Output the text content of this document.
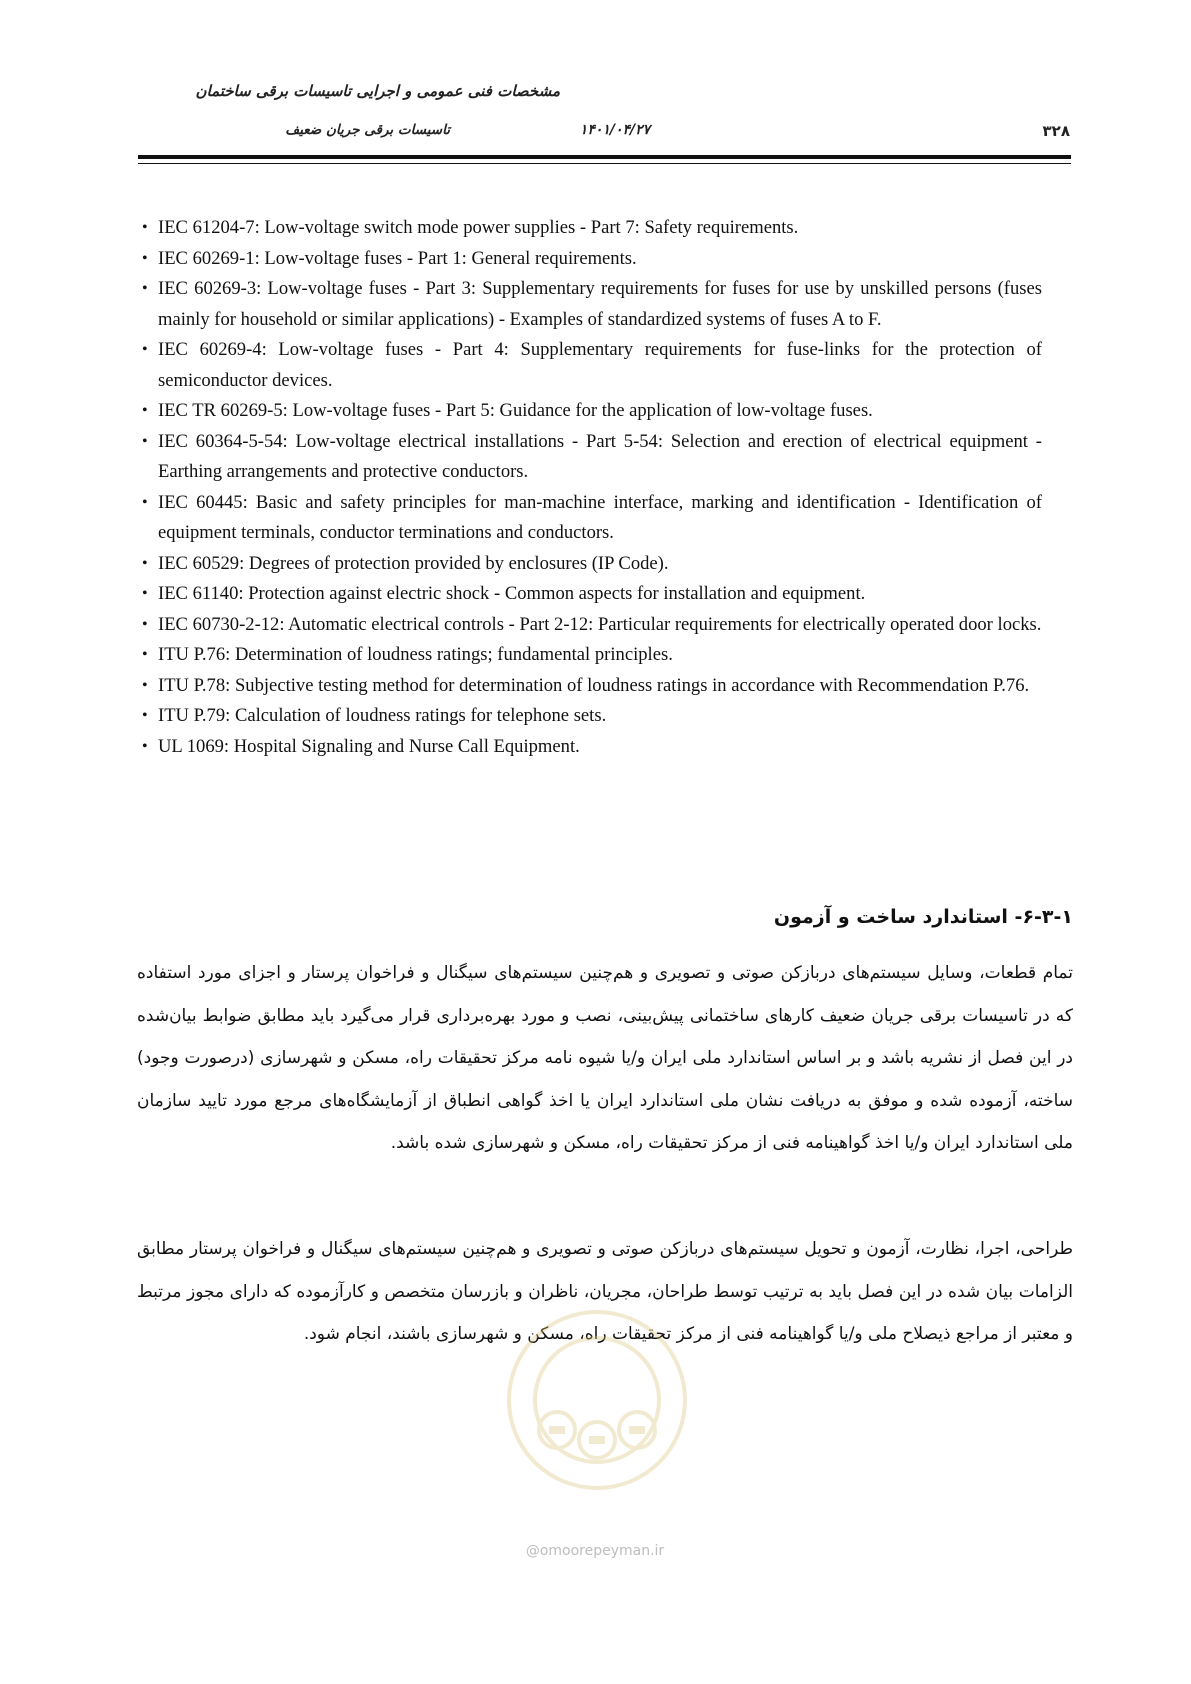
مشخصات فنی عمومی و اجرایی تاسیسات برقی ساختمان
تاسیسات برقی جریان ضعیف	۱۴۰۱/۰۴/۲۷	۳۲۸
• IEC 61204-7: Low-voltage switch mode power supplies - Part 7: Safety requirements.
• IEC 60269-1: Low-voltage fuses - Part 1: General requirements.
• IEC 60269-3: Low-voltage fuses - Part 3: Supplementary requirements for fuses for use by unskilled persons (fuses mainly for household or similar applications) - Examples of standardized systems of fuses A to F.
• IEC 60269-4: Low-voltage fuses - Part 4: Supplementary requirements for fuse-links for the protection of semiconductor devices.
• IEC TR 60269-5: Low-voltage fuses - Part 5: Guidance for the application of low-voltage fuses.
• IEC 60364-5-54: Low-voltage electrical installations - Part 5-54: Selection and erection of electrical equipment - Earthing arrangements and protective conductors.
• IEC 60445: Basic and safety principles for man-machine interface, marking and identification - Identification of equipment terminals, conductor terminations and conductors.
• IEC 60529: Degrees of protection provided by enclosures (IP Code).
• IEC 61140: Protection against electric shock - Common aspects for installation and equipment.
• IEC 60730-2-12: Automatic electrical controls - Part 2-12: Particular requirements for electrically operated door locks.
• ITU P.76: Determination of loudness ratings; fundamental principles.
• ITU P.78: Subjective testing method for determination of loudness ratings in accordance with Recommendation P.76.
• ITU P.79: Calculation of loudness ratings for telephone sets.
• UL 1069: Hospital Signaling and Nurse Call Equipment.
۶-۳-۱- استاندارد ساخت و آزمون

تمام قطعات، وسایل سیستم‌های دربازکن صوتی و تصویری و هم‌چنین سیستم‌های سیگنال و فراخوان پرستار و اجزای مورد استفاده که در تاسیسات برقی جریان ضعیف کارهای ساختمانی پیش‌بینی، نصب و مورد بهره‌برداری قرار می‌گیرد باید مطابق ضوابط بیان‌شده در این فصل از نشریه باشد و بر اساس استاندارد ملی ایران و/یا شیوه نامه مرکز تحقیقات راه، مسکن و شهرسازی (درصورت وجود) ساخته، آزموده شده و موفق به دریافت نشان ملی استاندارد ایران یا اخذ گواهی انطباق از آزمایشگاه‌های مرجع مورد تایید سازمان ملی استاندارد ایران و/یا اخذ گواهینامه فنی از مرکز تحقیقات راه، مسکن و شهرسازی شده باشد.

طراحی، اجرا، نظارت، آزمون و تحویل سیستم‌های دربازکن صوتی و تصویری و هم‌چنین سیستم‌های سیگنال و فراخوان پرستار مطابق الزامات بیان شده در این فصل باید به ترتیب توسط طراحان، مجریان، ناظران و بازرسان متخصص و کارآزموده که دارای مجوز مرتبط و معتبر از مراجع ذیصلاح ملی و/یا گواهینامه فنی از مرکز تحقیقات راه، مسکن و شهرسازی باشند، انجام شود.

@omoorepeyman.ir
